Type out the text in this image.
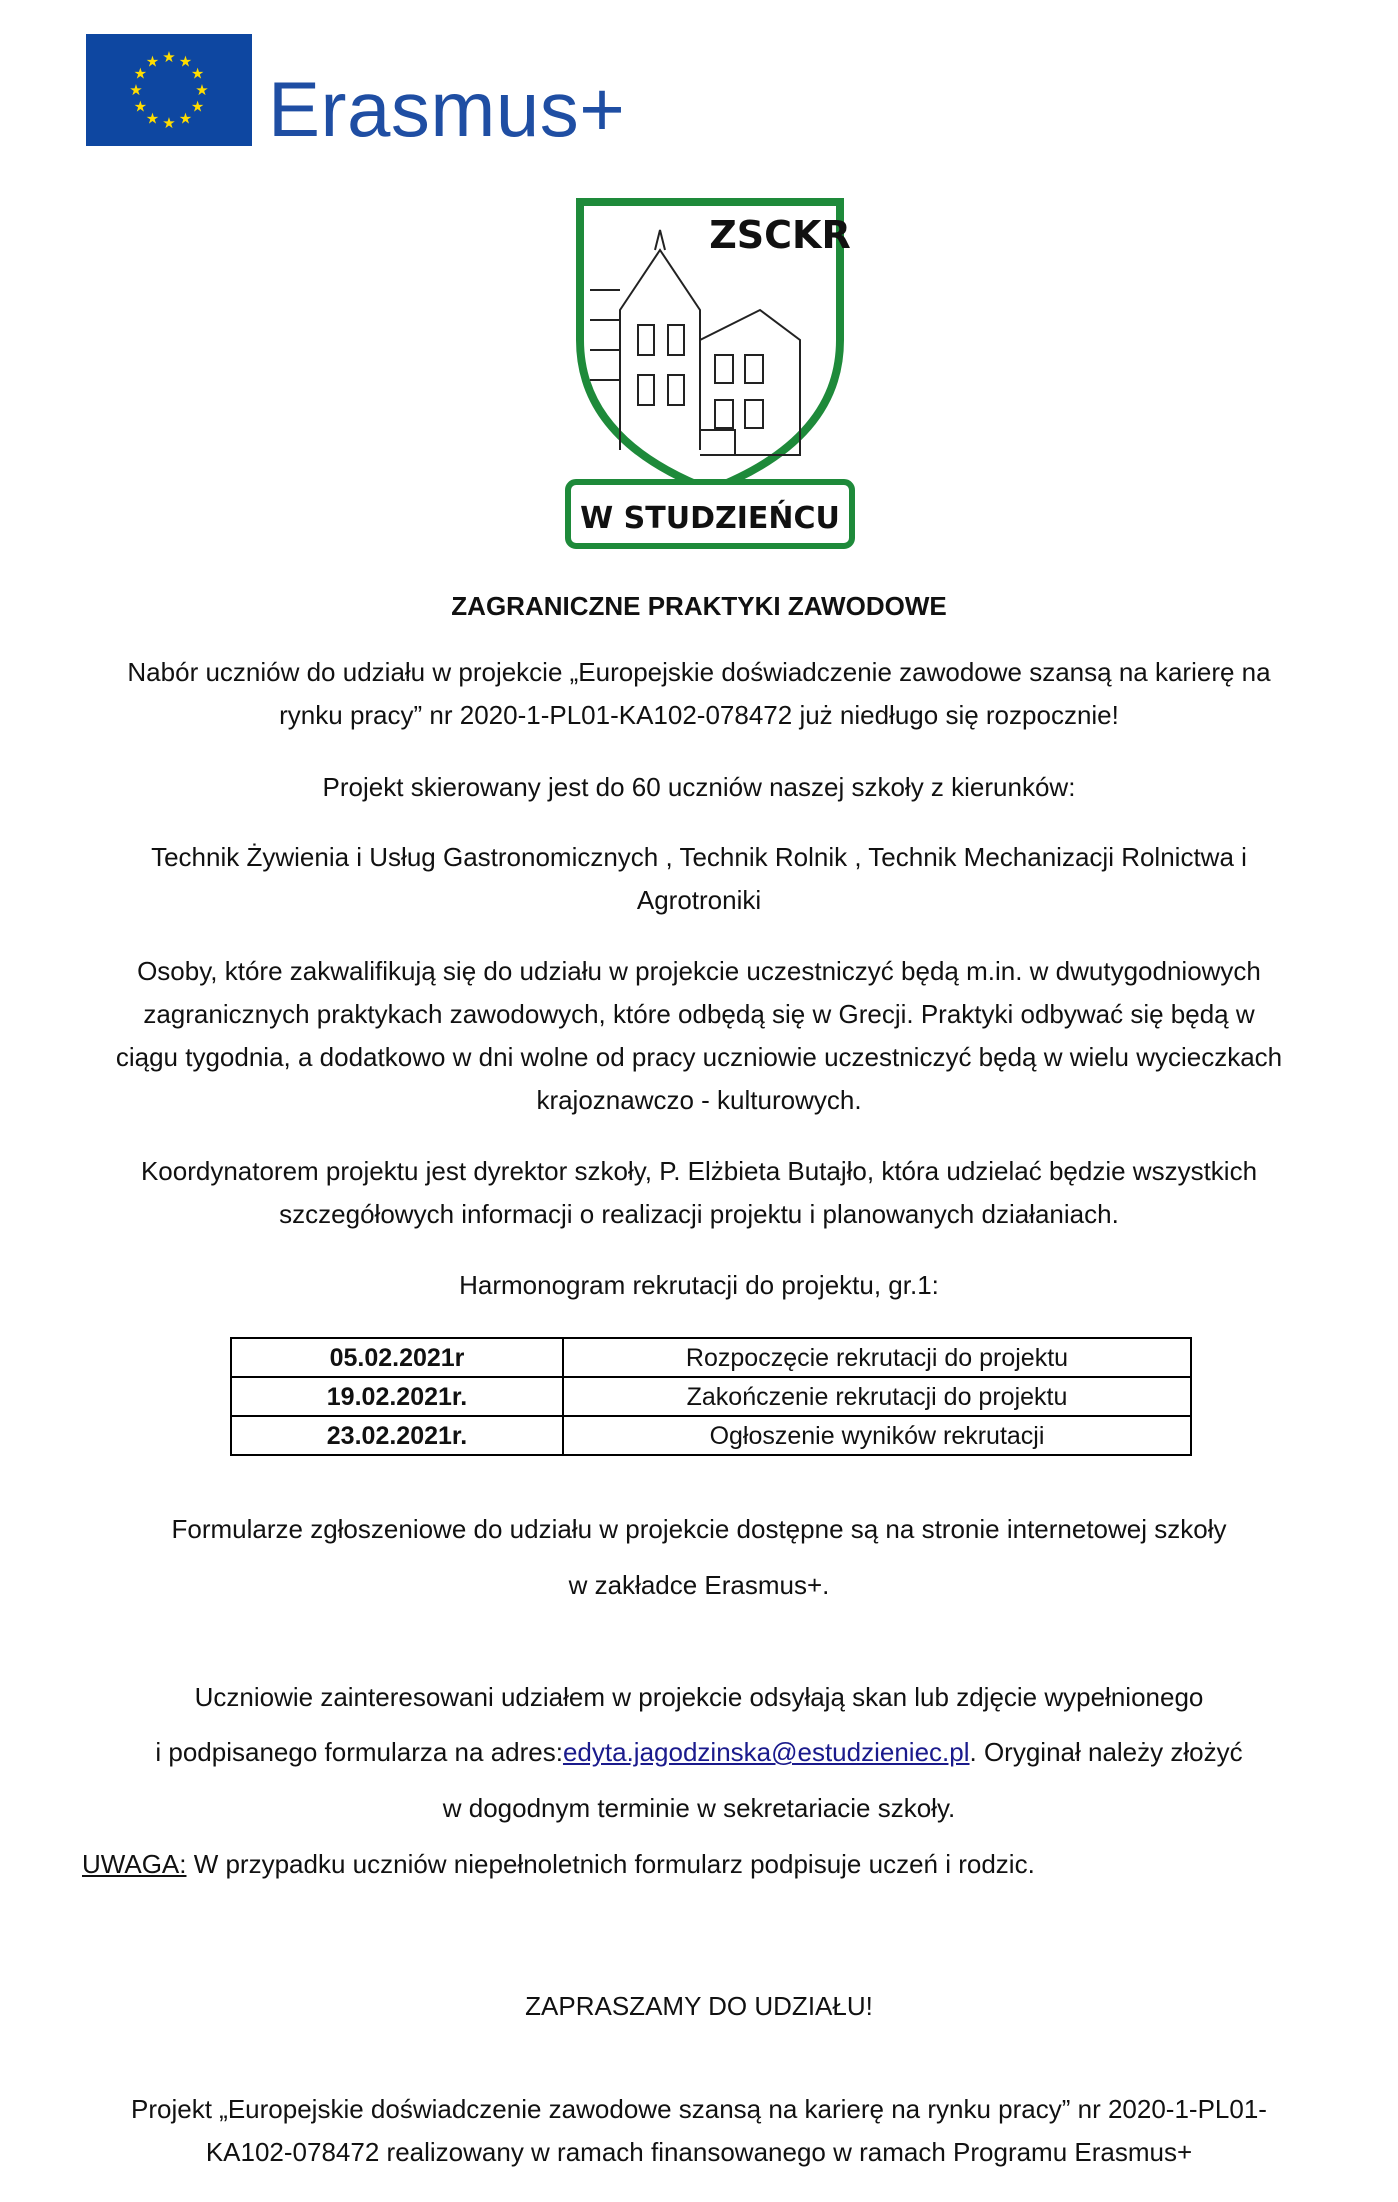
★ ★
★
★
★
★
★
★
★
★
★
★
Erasmus+
ZSCKR
W STUDZIEŃCU
ZAGRANICZNE PRAKTYKI ZAWODOWE
Nabór uczniów do udziału w projekcie „Europejskie doświadczenie zawodowe szansą na karierę na
rynku pracy” nr 2020-1-PL01-KA102-078472 już niedługo się rozpocznie!
Projekt skierowany jest do 60 uczniów naszej szkoły z kierunków:
Technik Żywienia i Usług Gastronomicznych , Technik Rolnik , Technik Mechanizacji Rolnictwa i
Agrotroniki
Osoby, które zakwalifikują się do udziału w projekcie uczestniczyć będą m.in. w dwutygodniowych
zagranicznych praktykach zawodowych, które odbędą się w Grecji. Praktyki odbywać się będą w
ciągu tygodnia, a dodatkowo w dni wolne od pracy uczniowie uczestniczyć będą w wielu wycieczkach
krajoznawczo - kulturowych.
Koordynatorem projektu jest dyrektor szkoły, P. Elżbieta Butajło, która udzielać będzie wszystkich
szczegółowych informacji o realizacji projektu i planowanych działaniach.
Harmonogram rekrutacji do projektu, gr.1:
05.02.2021r	Rozpoczęcie rekrutacji do projektu
19.02.2021r.	Zakończenie rekrutacji do projektu
23.02.2021r.	Ogłoszenie wyników rekrutacji
Formularze zgłoszeniowe do udziału w projekcie dostępne są na stronie internetowej szkoły
w zakładce Erasmus+.
Uczniowie zainteresowani udziałem w projekcie odsyłają skan lub zdjęcie wypełnionego
i podpisanego formularza na adres:edyta.jagodzinska@estudzieniec.pl. Oryginał należy złożyć
w dogodnym terminie w sekretariacie szkoły.
UWAGA: W przypadku uczniów niepełnoletnich formularz podpisuje uczeń i rodzic.
ZAPRASZAMY DO UDZIAŁU!
Projekt „Europejskie doświadczenie zawodowe szansą na karierę na rynku pracy” nr 2020-1-PL01-
KA102-078472 realizowany w ramach finansowanego w ramach Programu Erasmus+
